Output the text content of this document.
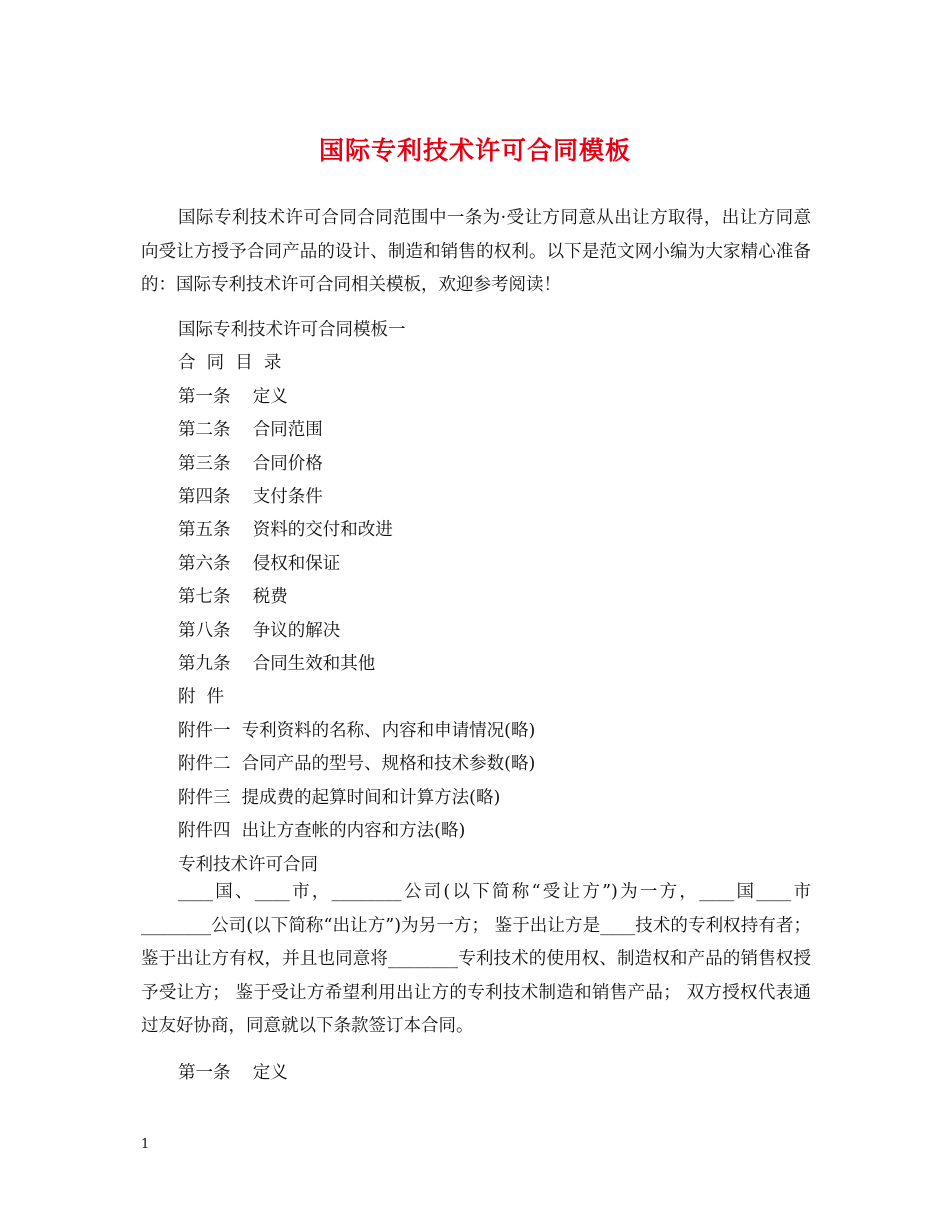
国际专利技术许可合同模板
国际专利技术许可合同合同范围中一条为·受让方同意从出让方取得，出让方同意向受让方授予合同产品的设计、制造和销售的权利。以下是范文网小编为大家精心准备的：国际专利技术许可合同相关模板，欢迎参考阅读！
国际专利技术许可合同模板一
合  同  目  录
第一条    定义
第二条    合同范围
第三条    合同价格
第四条    支付条件
第五条    资料的交付和改进
第六条    侵权和保证
第七条    税费
第八条    争议的解决
第九条    合同生效和其他
附  件
附件一  专利资料的名称、内容和申请情况(略)
附件二  合同产品的型号、规格和技术参数(略)
附件三  提成费的起算时间和计算方法(略)
附件四  出让方查帐的内容和方法(略)
专利技术许可合同
____国、____市，________公司(以下简称“受让方”)为一方，____国____市________公司(以下简称“出让方”)为另一方； 鉴于出让方是____技术的专利权持有者； 鉴于出让方有权，并且也同意将________专利技术的使用权、制造权和产品的销售权授予受让方； 鉴于受让方希望利用出让方的专利技术制造和销售产品； 双方授权代表通过友好协商，同意就以下条款签订本合同。
第一条    定义
1
